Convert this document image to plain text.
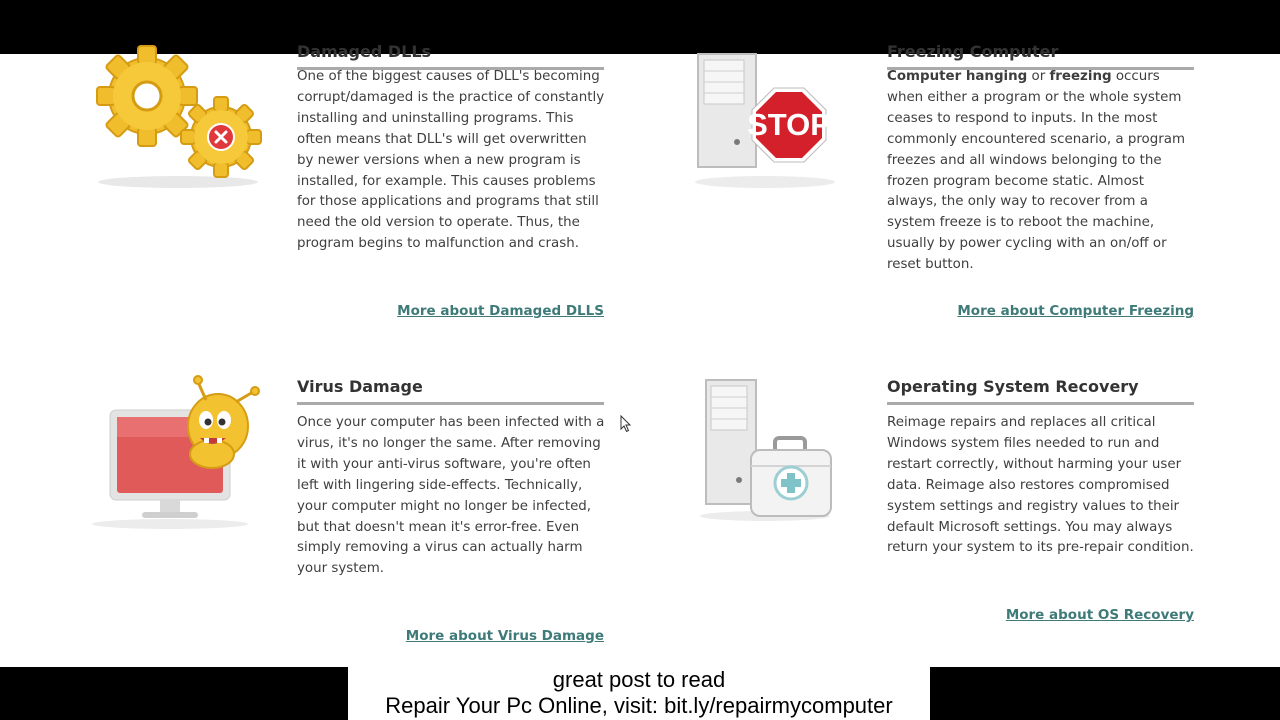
Damaged DLLs

One of the biggest causes of DLL's becoming corrupt/damaged is the practice of constantly installing and uninstalling programs. This often means that DLL's will get overwritten by newer versions when a new program is installed, for example. This causes problems for those applications and programs that still need the old version to operate. Thus, the program begins to malfunction and crash.

More about Damaged DLLS
STOP
Freezing Computer

Computer hanging or freezing occurs when either a program or the whole system ceases to respond to inputs. In the most commonly encountered scenario, a program freezes and all windows belonging to the frozen program become static. Almost always, the only way to recover from a system freeze is to reboot the machine, usually by power cycling with an on/off or reset button.

More about Computer Freezing
Virus Damage

Once your computer has been infected with a virus, it's no longer the same. After removing it with your anti-virus software, you're often left with lingering side-effects. Technically, your computer might no longer be infected, but that doesn't mean it's error-free. Even simply removing a virus can actually harm your system.

More about Virus Damage
Operating System Recovery

Reimage repairs and replaces all critical Windows system files needed to run and restart correctly, without harming your user data. Reimage also restores compromised system settings and registry values to their default Microsoft settings. You may always return your system to its pre-repair condition.

More about OS Recovery
great post to read
Repair Your Pc Online, visit: bit.ly/repairmycomputer
